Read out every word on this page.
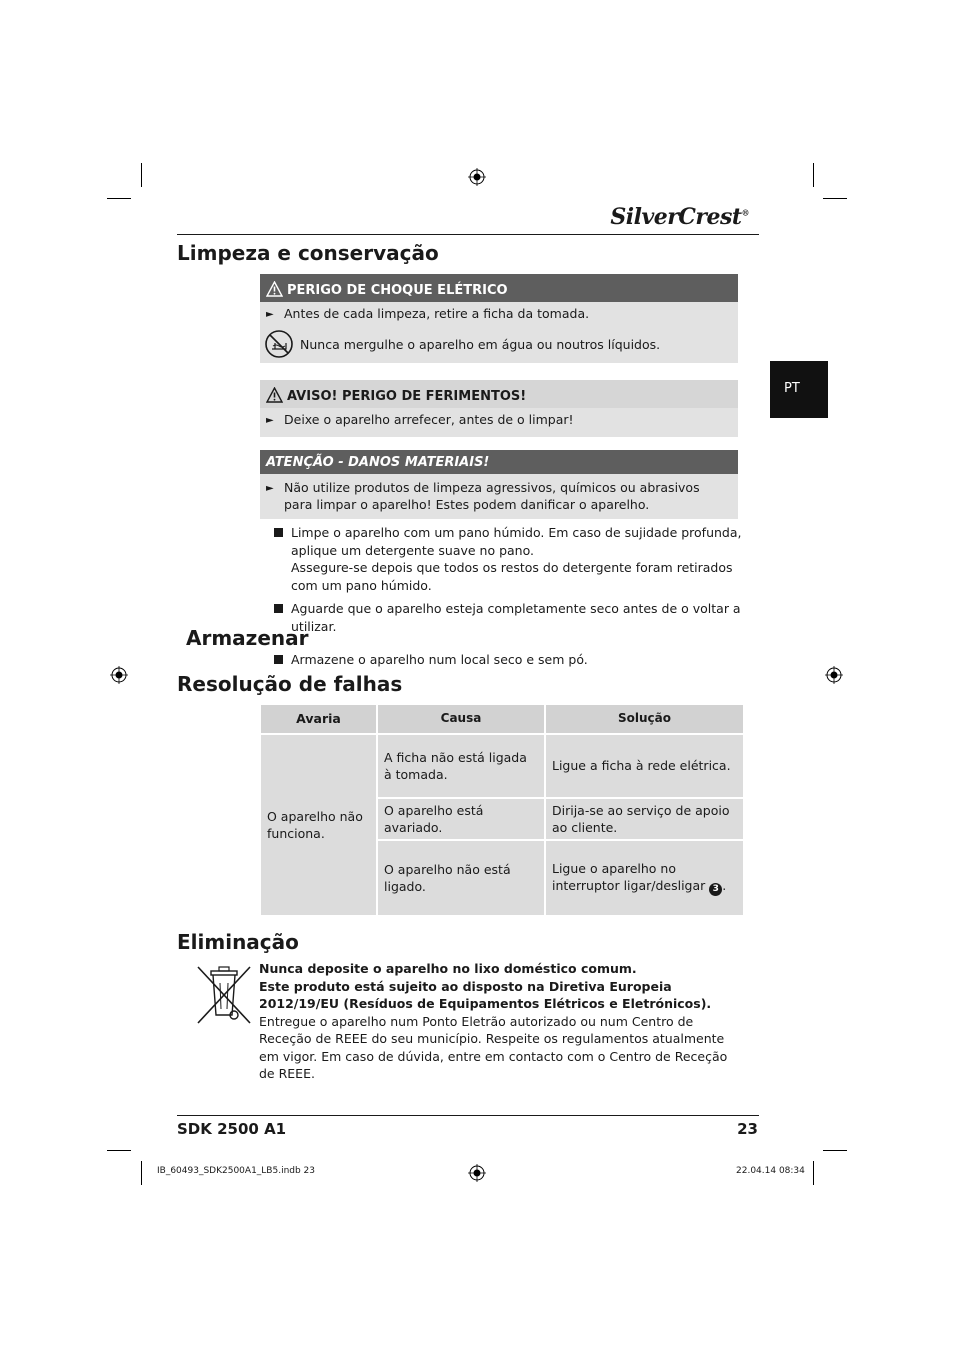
SilverCrest®
PT
Limpeza e conservação
PERIGO DE CHOQUE ELÉTRICO
► Antes de cada limpeza, retire a ficha da tomada.
Nunca mergulhe o aparelho em água ou noutros líquidos.
AVISO! PERIGO DE FERIMENTOS!
► Deixe o aparelho arrefecer, antes de o limpar!
ATENÇÃO - DANOS MATERIAIS!
► Não utilize produtos de limpeza agressivos, químicos ou abrasivos para limpar o aparelho! Estes podem danificar o aparelho.
Limpe o aparelho com um pano húmido. Em caso de sujidade profunda, aplique um detergente suave no pano.
Assegure-se depois que todos os restos do detergente foram retirados com um pano húmido.
Aguarde que o aparelho esteja completamente seco antes de o voltar a utilizar.
Armazenar
Armazene o aparelho num local seco e sem pó.
Resolução de falhas
Avaria	Causa	Solução
O aparelho não funciona.	A ficha não está ligada à tomada.	Ligue a ficha à rede elétrica.
	O aparelho está avariado.	Dirija-se ao serviço de apoio ao cliente.
	O aparelho não está ligado.	Ligue o aparelho no interruptor ligar/desligar 3 .
Eliminação
Nunca deposite o aparelho no lixo doméstico comum.
Este produto está sujeito ao disposto na Diretiva Europeia 2012/19/EU (Resíduos de Equipamentos Elétricos e Eletrónicos).
Entregue o aparelho num Ponto Eletrão autorizado ou num Centro de Receção de REEE do seu município. Respeite os regulamentos atualmente em vigor. Em caso de dúvida, entre em contacto com o Centro de Receção de REEE.
SDK 2500 A1	23
IB_60493_SDK2500A1_LB5.indb 23	22.04.14 08:34
